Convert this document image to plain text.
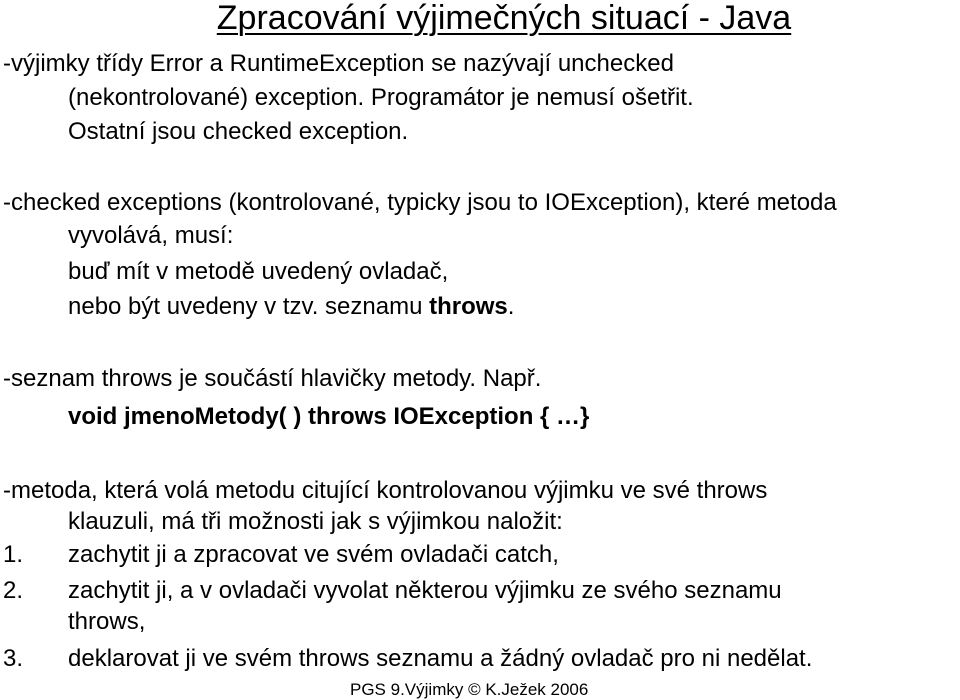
Zpracování výjimečných situací - Java
-výjimky třídy Error a RuntimeException se nazývají unchecked
(nekontrolované) exception. Programátor je nemusí ošetřit.
Ostatní jsou checked exception.
-checked exceptions (kontrolované, typicky jsou to IOException), které metoda
vyvolává, musí:
buď mít v metodě uvedený ovladač,
nebo být uvedeny v tzv. seznamu throws.
-seznam throws je součástí hlavičky metody. Např.
void jmenoMetody( ) throws IOException { …}
-metoda, která volá metodu citující kontrolovanou výjimku ve své throws
klauzuli, má tři možnosti jak s výjimkou naložit:
1. zachytit ji a zpracovat ve svém ovladači catch,
2. zachytit ji, a v ovladači vyvolat některou výjimku ze svého seznamu
throws,
3. deklarovat ji ve svém throws seznamu a žádný ovladač pro ni nedělat.
PGS 9.Výjimky © K.Ježek 2006
